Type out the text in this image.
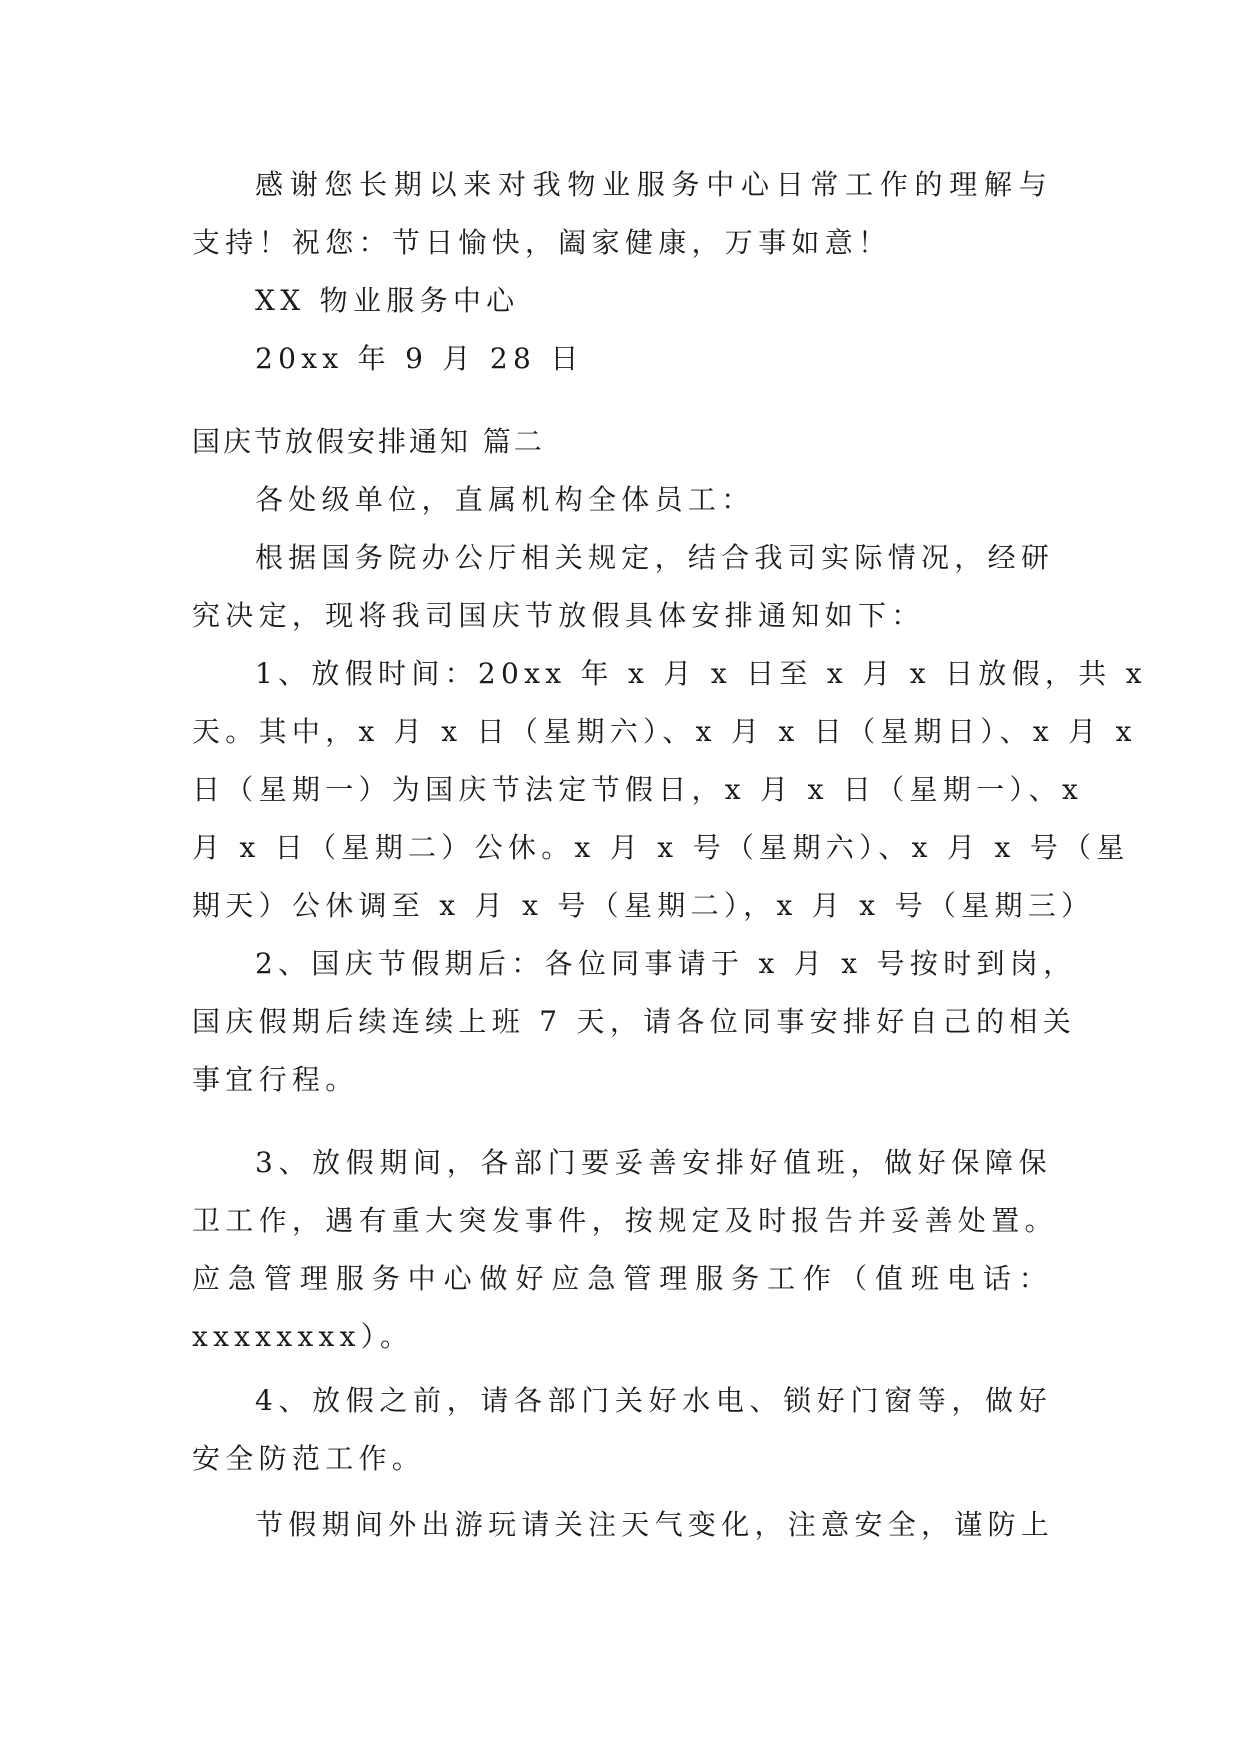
感谢您长期以来对我物业服务中心日常工作的理解与
支持！祝您：节日愉快，阖家健康，万事如意！
XX 物业服务中心
20xx 年 9 月 28 日
国庆节放假安排通知 篇二
各处级单位，直属机构全体员工：
根据国务院办公厅相关规定，结合我司实际情况，经研
究决定，现将我司国庆节放假具体安排通知如下：
1、放假时间：20xx 年 x 月 x 日至 x 月 x 日放假，共 x
天。其中，x 月 x 日（星期六）、x 月 x 日（星期日）、x 月 x
日（星期一）为国庆节法定节假日，x 月 x 日（星期一）、x
月 x 日（星期二）公休。x 月 x 号（星期六）、x 月 x 号（星
期天）公休调至 x 月 x 号（星期二），x 月 x 号（星期三）
2、国庆节假期后：各位同事请于 x 月 x 号按时到岗，
国庆假期后续连续上班 7 天，请各位同事安排好自己的相关
事宜行程。
3、放假期间，各部门要妥善安排好值班，做好保障保
卫工作，遇有重大突发事件，按规定及时报告并妥善处置。
应急管理服务中心做好应急管理服务工作（值班电话：
xxxxxxxx）。
4、放假之前，请各部门关好水电、锁好门窗等，做好
安全防范工作。
节假期间外出游玩请关注天气变化，注意安全，谨防上
